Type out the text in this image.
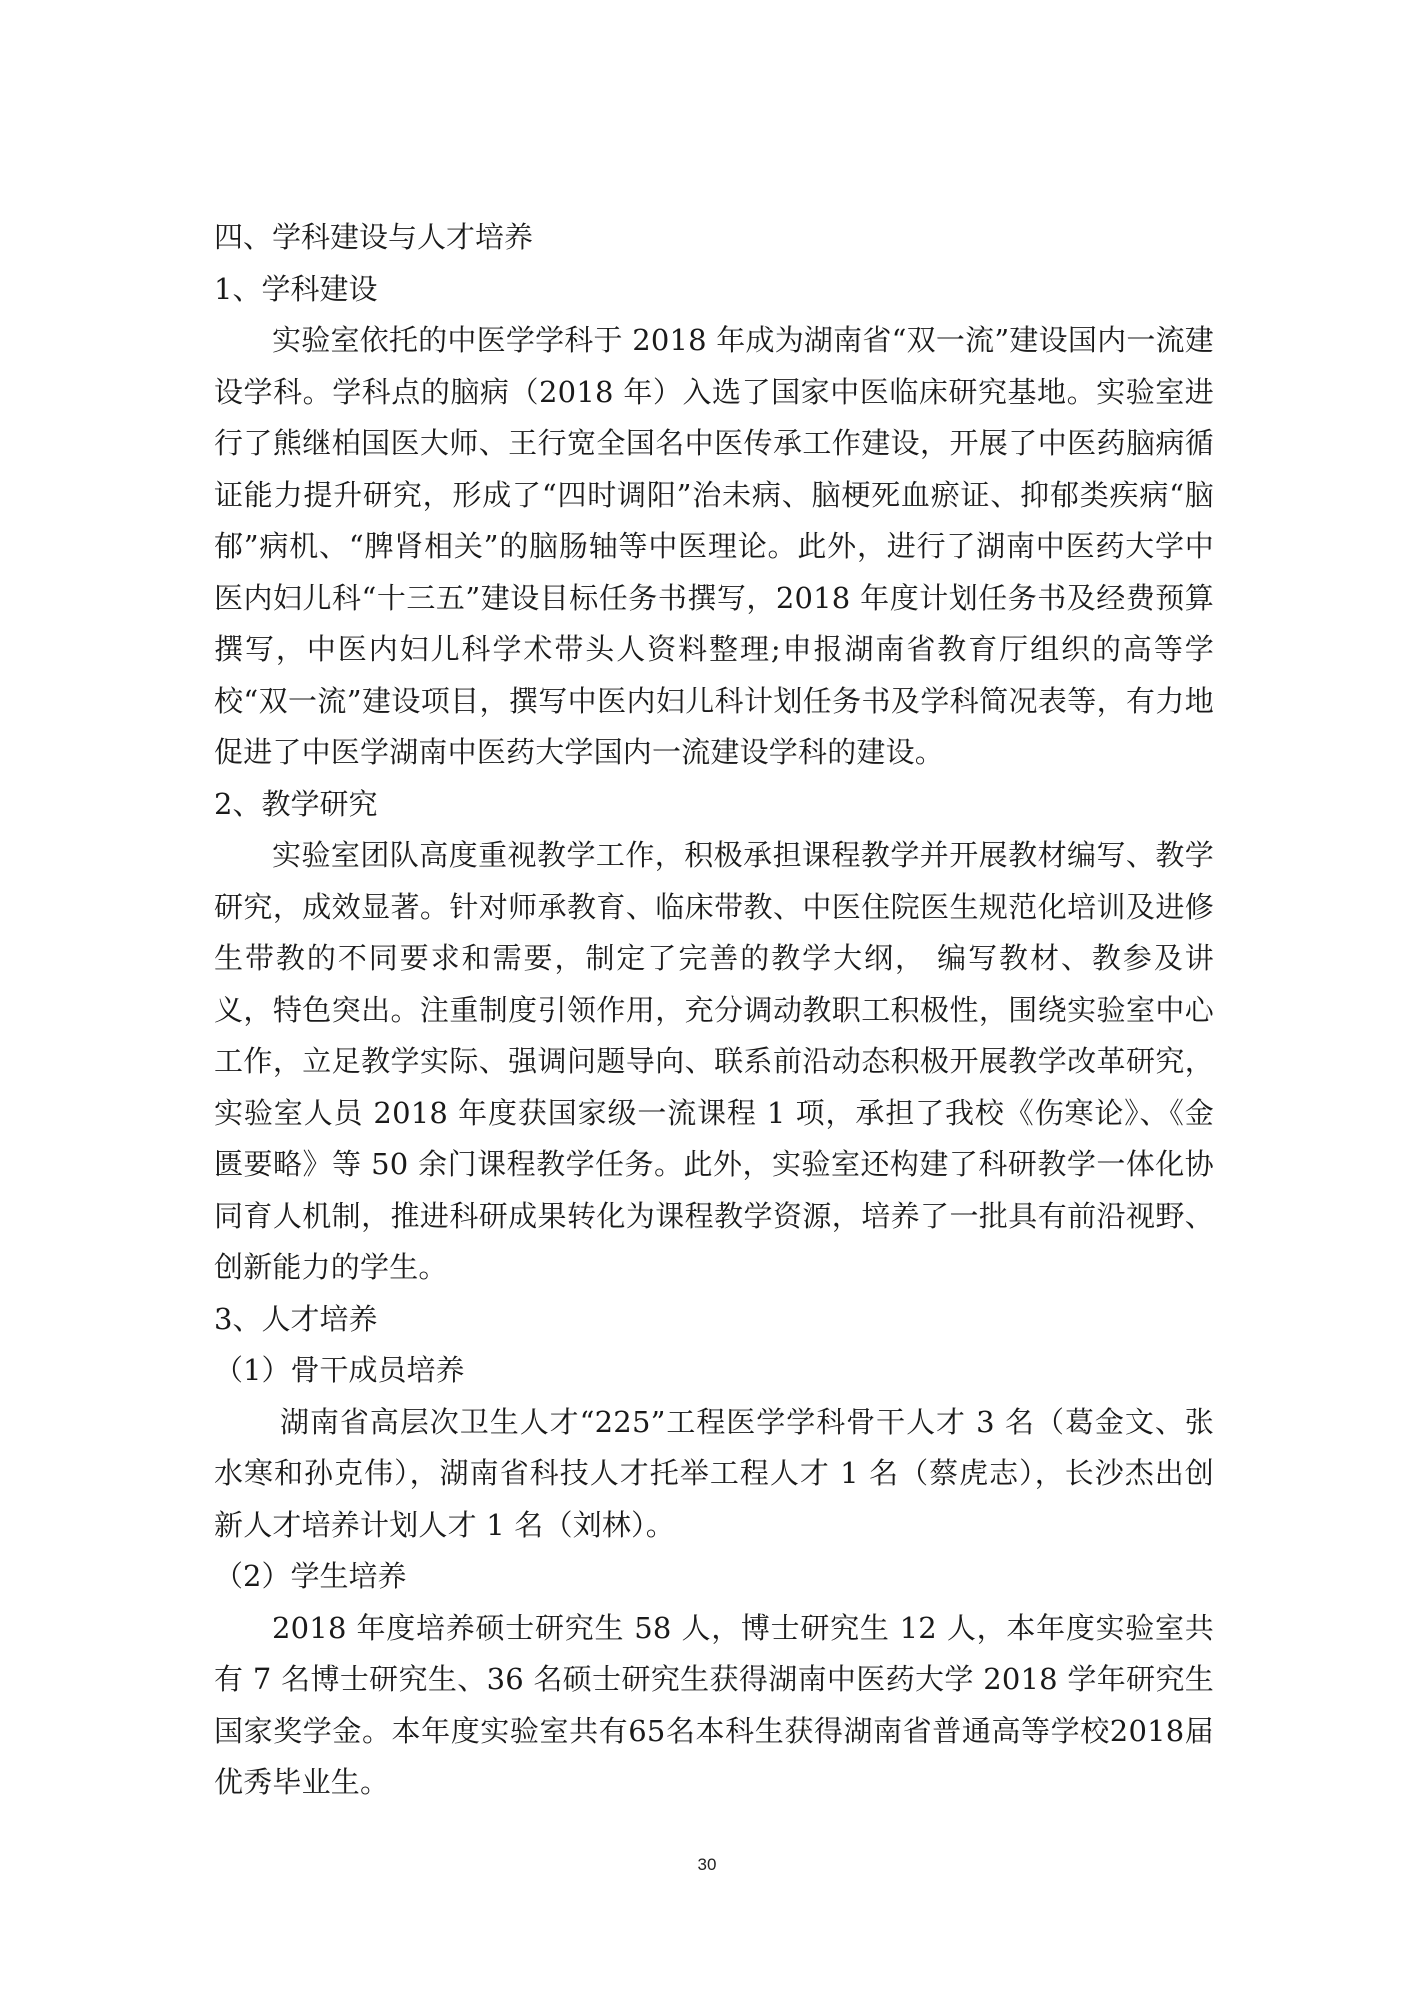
四、学科建设与人才培养
1、学科建设

实验室依托的中医学学科于 2018 年成为湖南省“双一流”建设国内一流建设学科。学科点的脑病（2018 年）入选了国家中医临床研究基地。实验室进行了熊继柏国医大师、王行宽全国名中医传承工作建设，开展了中医药脑病循证能力提升研究，形成了“四时调阳”治未病、脑梗死血瘀证、抑郁类疾病“脑郁”病机、“脾肾相关”的脑肠轴等中医理论。此外，进行了湖南中医药大学中医内妇儿科“十三五”建设目标任务书撰写，2018 年度计划任务书及经费预算撰写，中医内妇儿科学术带头人资料整理;申报湖南省教育厅组织的高等学校“双一流”建设项目，撰写中医内妇儿科计划任务书及学科简况表等，有力地促进了中医学湖南中医药大学国内一流建设学科的建设。

2、教学研究

实验室团队高度重视教学工作，积极承担课程教学并开展教材编写、教学研究，成效显著。针对师承教育、临床带教、中医住院医生规范化培训及进修生带教的不同要求和需要，制定了完善的教学大纲， 编写教材、教参及讲义，特色突出。注重制度引领作用，充分调动教职工积极性，围绕实验室中心工作，立足教学实际、强调问题导向、联系前沿动态积极开展教学改革研究，实验室人员 2018 年度获国家级一流课程 1 项，承担了我校《伤寒论》、《金匮要略》等 50 余门课程教学任务。此外，实验室还构建了科研教学一体化协同育人机制，推进科研成果转化为课程教学资源，培养了一批具有前沿视野、创新能力的学生。

3、人才培养
（1）骨干成员培养

湖南省高层次卫生人才“225”工程医学学科骨干人才 3 名（葛金文、张水寒和孙克伟），湖南省科技人才托举工程人才 1 名（蔡虎志），长沙杰出创新人才培养计划人才 1 名（刘林）。

（2）学生培养

2018 年度培养硕士研究生 58 人，博士研究生 12 人，本年度实验室共有 7 名博士研究生、36 名硕士研究生获得湖南中医药大学 2018 学年研究生国家奖学金。本年度实验室共有65名本科生获得湖南省普通高等学校2018届优秀毕业生。

30
